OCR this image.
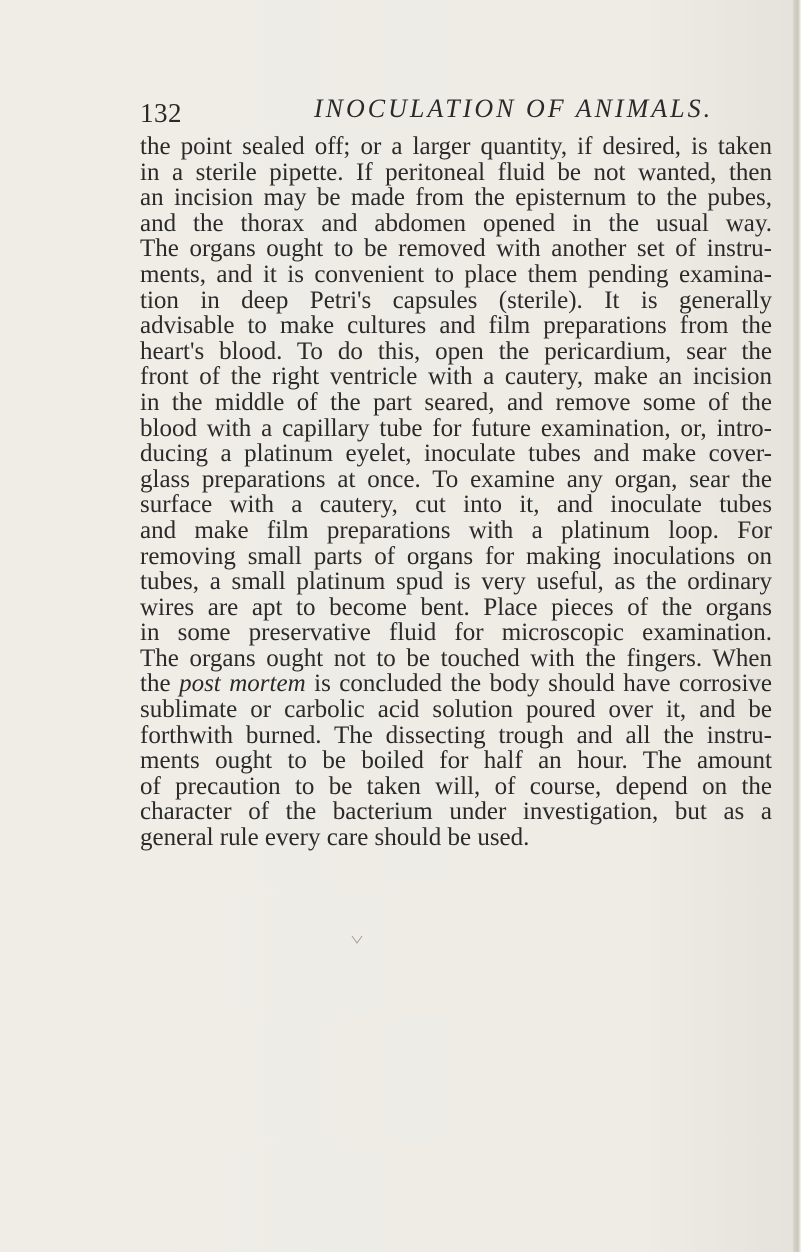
132	INOCULATION OF ANIMALS.
the point sealed off; or a larger quantity, if desired, is taken
in a sterile pipette. If peritoneal fluid be not wanted, then
an incision may be made from the episternum to the pubes,
and the thorax and abdomen opened in the usual way.
The organs ought to be removed with another set of instru-
ments, and it is convenient to place them pending examina-
tion in deep Petri's capsules (sterile). It is generally
advisable to make cultures and film preparations from the
heart's blood. To do this, open the pericardium, sear the
front of the right ventricle with a cautery, make an incision
in the middle of the part seared, and remove some of the
blood with a capillary tube for future examination, or, intro-
ducing a platinum eyelet, inoculate tubes and make cover-
glass preparations at once. To examine any organ, sear the
surface with a cautery, cut into it, and inoculate tubes
and make film preparations with a platinum loop. For
removing small parts of organs for making inoculations on
tubes, a small platinum spud is very useful, as the ordinary
wires are apt to become bent. Place pieces of the organs
in some preservative fluid for microscopic examination.
The organs ought not to be touched with the fingers. When
the post mortem is concluded the body should have corrosive
sublimate or carbolic acid solution poured over it, and be
forthwith burned. The dissecting trough and all the instru-
ments ought to be boiled for half an hour. The amount
of precaution to be taken will, of course, depend on the
character of the bacterium under investigation, but as a
general rule every care should be used.
